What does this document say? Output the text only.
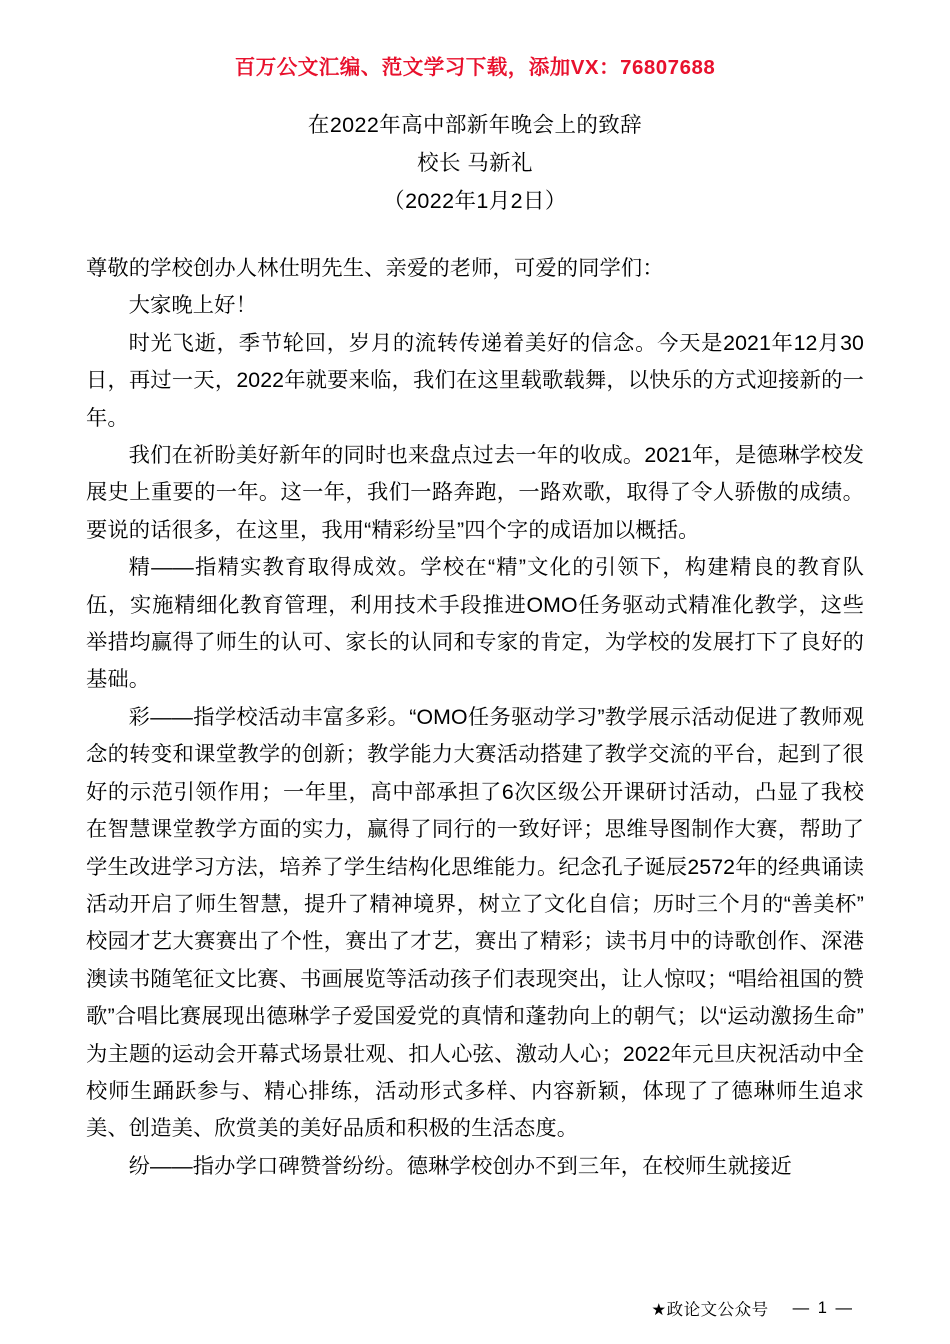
百万公文汇编、范文学习下载，添加VX：76807688
在2022年高中部新年晚会上的致辞
校长 马新礼
（2022年1月2日）

尊敬的学校创办人林仕明先生、亲爱的老师，可爱的同学们：

大家晚上好！

时光飞逝，季节轮回，岁月的流转传递着美好的信念。今天是2021年12月30日，再过一天，2022年就要来临，我们在这里载歌载舞，以快乐的方式迎接新的一年。

我们在祈盼美好新年的同时也来盘点过去一年的收成。2021年，是德琳学校发展史上重要的一年。这一年，我们一路奔跑，一路欢歌，取得了令人骄傲的成绩。要说的话很多，在这里，我用“精彩纷呈”四个字的成语加以概括。

精——指精实教育取得成效。学校在“精”文化的引领下，构建精良的教育队伍，实施精细化教育管理，利用技术手段推进OMO任务驱动式精准化教学，这些举措均赢得了师生的认可、家长的认同和专家的肯定，为学校的发展打下了良好的基础。

彩——指学校活动丰富多彩。“OMO任务驱动学习”教学展示活动促进了教师观念的转变和课堂教学的创新；教学能力大赛活动搭建了教学交流的平台，起到了很好的示范引领作用；一年里，高中部承担了6次区级公开课研讨活动，凸显了我校在智慧课堂教学方面的实力，赢得了同行的一致好评；思维导图制作大赛，帮助了学生改进学习方法，培养了学生结构化思维能力。纪念孔子诞辰2572年的经典诵读活动开启了师生智慧，提升了精神境界，树立了文化自信；历时三个月的“善美杯”校园才艺大赛赛出了个性，赛出了才艺，赛出了精彩；读书月中的诗歌创作、深港澳读书随笔征文比赛、书画展览等活动孩子们表现突出，让人惊叹；“唱给祖国的赞歌”合唱比赛展现出德琳学子爱国爱党的真情和蓬勃向上的朝气；以“运动激扬生命”为主题的运动会开幕式场景壮观、扣人心弦、激动人心；2022年元旦庆祝活动中全校师生踊跃参与、精心排练，活动形式多样、内容新颖，体现了了德琳师生追求美、创造美、欣赏美的美好品质和积极的生活态度。

纷——指办学口碑赞誉纷纷。德琳学校创办不到三年，在校师生就接近

★政论文公众号 — 1 —
